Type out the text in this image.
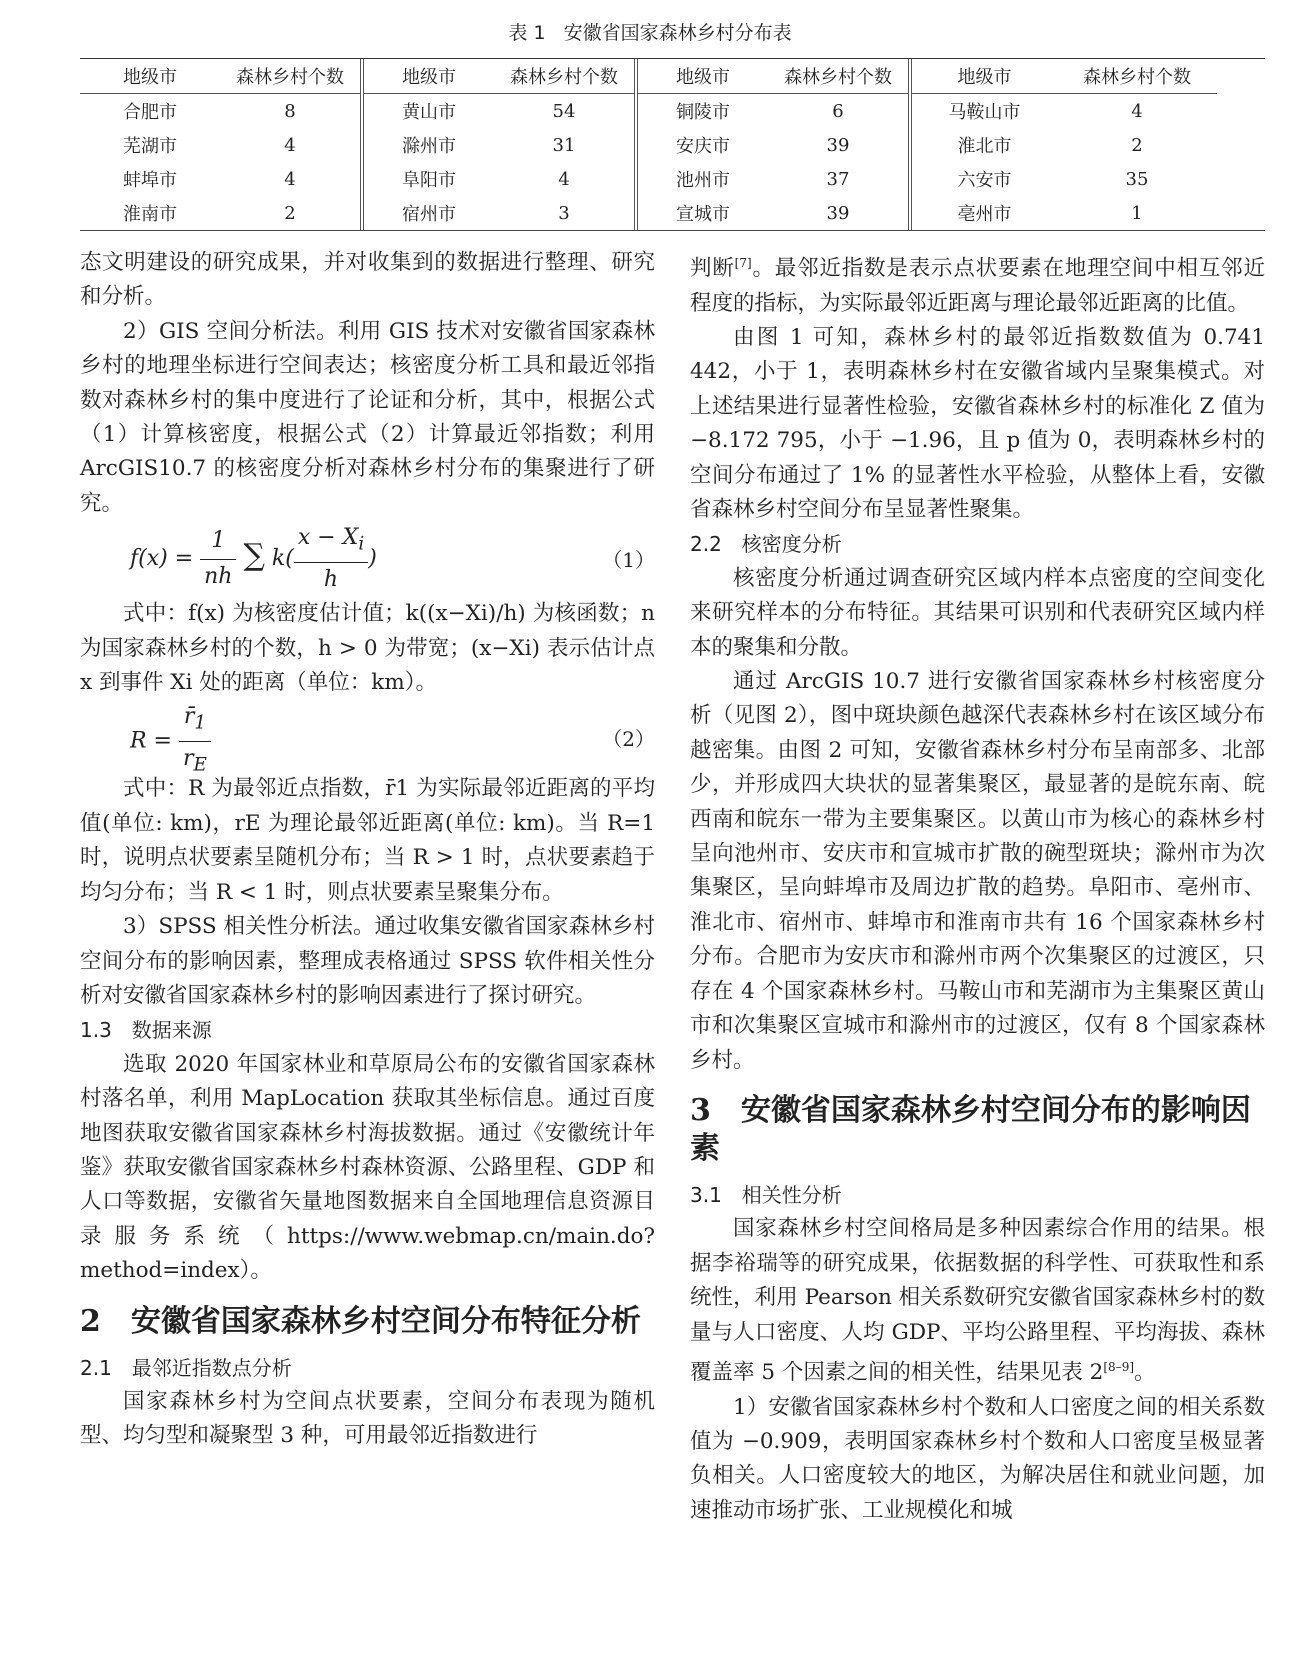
表 1 安徽省国家森林乡村分布表
地级市	森林乡村个数
合肥市	8
芜湖市	4
蚌埠市	4
淮南市	2
地级市	森林乡村个数
黄山市	54
滁州市	31
阜阳市	4
宿州市	3
地级市	森林乡村个数
铜陵市	6
安庆市	39
池州市	37
宣城市	39
地级市	森林乡村个数
马鞍山市	4
淮北市	2
六安市	35
亳州市	1

态文明建设的研究成果，并对收集到的数据进行整理、研究和分析。

2）GIS 空间分析法。利用 GIS 技术对安徽省国家森林乡村的地理坐标进行空间表达；核密度分析工具和最近邻指数对森林乡村的集中度进行了论证和分析，其中，根据公式（1）计算核密度，根据公式（2）计算最近邻指数；利用 ArcGIS10.7 的核密度分析对森林乡村分布的集聚进行了研究。

$f(x) = \frac{1}{nh}$ ∑ $k( \frac{x - X_i}{h}$ )	（1）

式中：f(x) 为核密度估计值；k((x−Xi)/h) 为核函数；n 为国家森林乡村的个数，h > 0 为带宽；(x−Xi) 表示估计点 x 到事件 Xi 处的距离（单位：km）。

$R = \frac{r̄_1}{r_E}$	（2）

式中：R 为最邻近点指数，r̄1 为实际最邻近距离的平均值(单位: km)，rE 为理论最邻近距离(单位: km)。当 R=1 时，说明点状要素呈随机分布；当 R > 1 时，点状要素趋于均匀分布；当 R < 1 时，则点状要素呈聚集分布。

3）SPSS 相关性分析法。通过收集安徽省国家森林乡村空间分布的影响因素，整理成表格通过 SPSS 软件相关性分析对安徽省国家森林乡村的影响因素进行了探讨研究。

1.3　数据来源

选取 2020 年国家林业和草原局公布的安徽省国家森林村落名单，利用 MapLocation 获取其坐标信息。通过百度地图获取安徽省国家森林乡村海拔数据。通过《安徽统计年鉴》获取安徽省国家森林乡村森林资源、公路里程、GDP 和人口等数据，安徽省矢量地图数据来自全国地理信息资源目录服务系统（https://www.webmap.cn/main.do?method=index）。

2　安徽省国家森林乡村空间分布特征分析

2.1　最邻近指数点分析

国家森林乡村为空间点状要素，空间分布表现为随机型、均匀型和凝聚型 3 种，可用最邻近指数进行

判断[7]。最邻近指数是表示点状要素在地理空间中相互邻近程度的指标，为实际最邻近距离与理论最邻近距离的比值。

由图 1 可知，森林乡村的最邻近指数数值为 0.741 442，小于 1，表明森林乡村在安徽省域内呈聚集模式。对上述结果进行显著性检验，安徽省森林乡村的标准化 Z 值为 −8.172 795，小于 −1.96，且 p 值为 0，表明森林乡村的空间分布通过了 1% 的显著性水平检验，从整体上看，安徽省森林乡村空间分布呈显著性聚集。

2.2　核密度分析

核密度分析通过调查研究区域内样本点密度的空间变化来研究样本的分布特征。其结果可识别和代表研究区域内样本的聚集和分散。

通过 ArcGIS 10.7 进行安徽省国家森林乡村核密度分析（见图 2），图中斑块颜色越深代表森林乡村在该区域分布越密集。由图 2 可知，安徽省森林乡村分布呈南部多、北部少，并形成四大块状的显著集聚区，最显著的是皖东南、皖西南和皖东一带为主要集聚区。以黄山市为核心的森林乡村呈向池州市、安庆市和宣城市扩散的碗型斑块；滁州市为次集聚区，呈向蚌埠市及周边扩散的趋势。阜阳市、亳州市、淮北市、宿州市、蚌埠市和淮南市共有 16 个国家森林乡村分布。合肥市为安庆市和滁州市两个次集聚区的过渡区，只存在 4 个国家森林乡村。马鞍山市和芜湖市为主集聚区黄山市和次集聚区宣城市和滁州市的过渡区，仅有 8 个国家森林乡村。

3　安徽省国家森林乡村空间分布的影响因素

3.1　相关性分析

国家森林乡村空间格局是多种因素综合作用的结果。根据李裕瑞等的研究成果，依据数据的科学性、可获取性和系统性，利用 Pearson 相关系数研究安徽省国家森林乡村的数量与人口密度、人均 GDP、平均公路里程、平均海拔、森林覆盖率 5 个因素之间的相关性，结果见表 2[8–9]。

1）安徽省国家森林乡村个数和人口密度之间的相关系数值为 −0.909，表明国家森林乡村个数和人口密度呈极显著负相关。人口密度较大的地区，为解决居住和就业问题，加速推动市场扩张、工业规模化和城
